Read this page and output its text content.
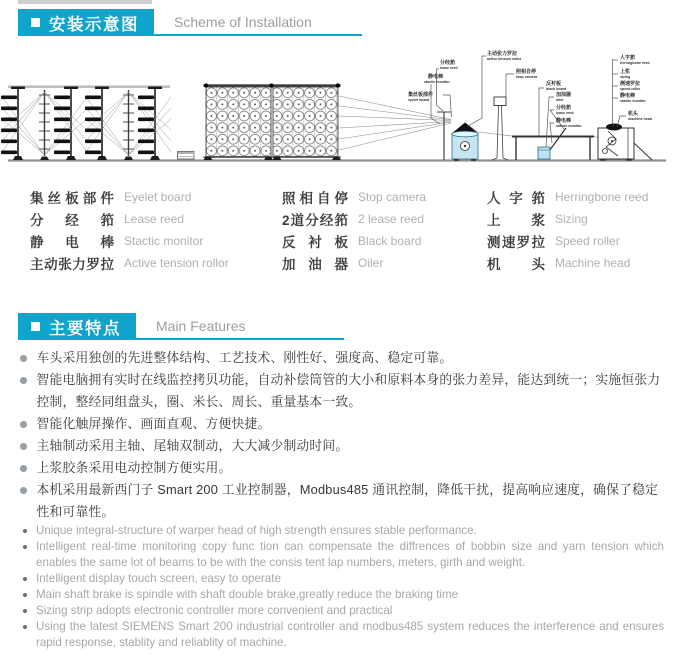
安装示意图	Scheme of Installation
集丝板部件
eyelet board
分经筘
lease reed
静电棒
stactic monitor
主动张力罗拉
active tension rollor
照相自停
stop camera
反衬板
black board
加油器
oiler
分经筘
lease reed
静电棒
stactic monitor
人字筘
herringbone reed
上浆
sizing
测速罗拉
speed roller
静电棒
stactic monitor
机头
machine head
集丝板部件 Eyelet board
分经筘 Lease reed
静电棒 Stactic monitor
主动张力罗拉 Active tension rollor
照相自停 Stop camera
2道分经筘 2 lease reed
反衬板 Black board
加油器 Oiler
人字筘 Herringbone reed
上浆 Sizing
测速罗拉 Speed roller
机头 Machine head
主要特点	Main Features
车头采用独创的先进整体结构、工艺技术、刚性好、强度高、稳定可靠。
智能电脑拥有实时在线监控拷贝功能，自动补偿筒管的大小和原料本身的张力差异，能达到统一；实施恒张力控制，整经同组盘头，圈、米长、周长、重量基本一致。
智能化触屏操作、画面直观、方便快捷。
主轴制动采用主轴、尾轴双制动，大大减少制动时间。
上浆胶条采用电动控制方便实用。
本机采用最新西门子 Smart 200 工业控制器，Modbus485 通讯控制，降低干扰，提高响应速度，确保了稳定性和可靠性。
Unique integral-structure of warper head of high strength ensures stable performance.
Intelligent real-time monitoring copy func tion can compensate the diffrences of bobbin size and yarn tension which enables the same lot of beams to be with the consis tent lap numbers, meters, girth and weight.
Intelligent display touch screen, easy to operate
Main shaft brake is spindle with shaft double brake,greatly reduce the braking time
Sizing strip adopts electronic controller more convenient and practical
Using the latest SIEMENS Smart 200 industrial controller and modbus485 system reduces the interference and ensures rapid response, stablity and reliablity of machine.
